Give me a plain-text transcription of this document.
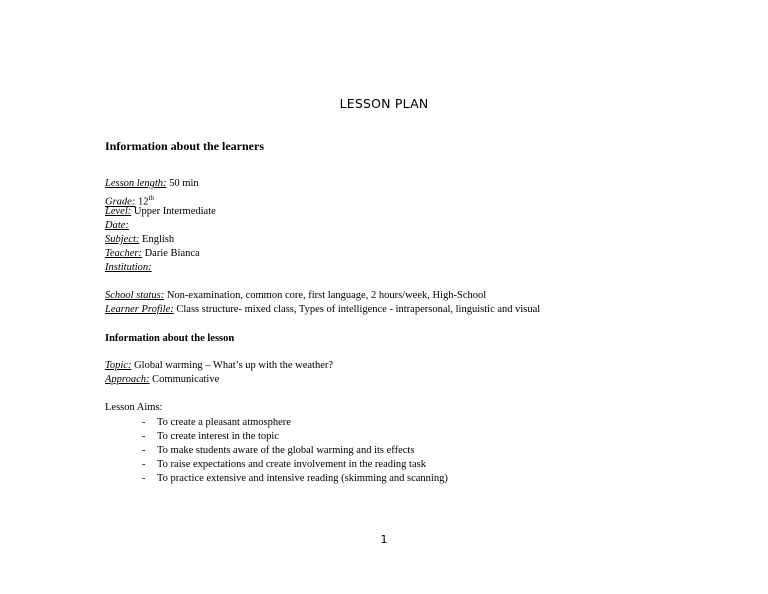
LESSON PLAN
Information about the learners
Lesson length: 50 min
Grade: 12th
Level: Upper Intermediate
Date:
Subject: English
Teacher: Darie Bianca
Institution:
School status: Non-examination, common core, first language, 2 hours/week, High-School
Learner Profile: Class structure- mixed class, Types of intelligence - intrapersonal, linguistic and visual
Information about the lesson
Topic: Global warming – What’s up with the weather?
Approach: Communicative
Lesson Aims:
- To create a pleasant atmosphere
- To create interest in the topic
- To make students aware of the global warming and its effects
- To raise expectations and create involvement in the reading task
- To practice extensive and intensive reading (skimming and scanning)
1
